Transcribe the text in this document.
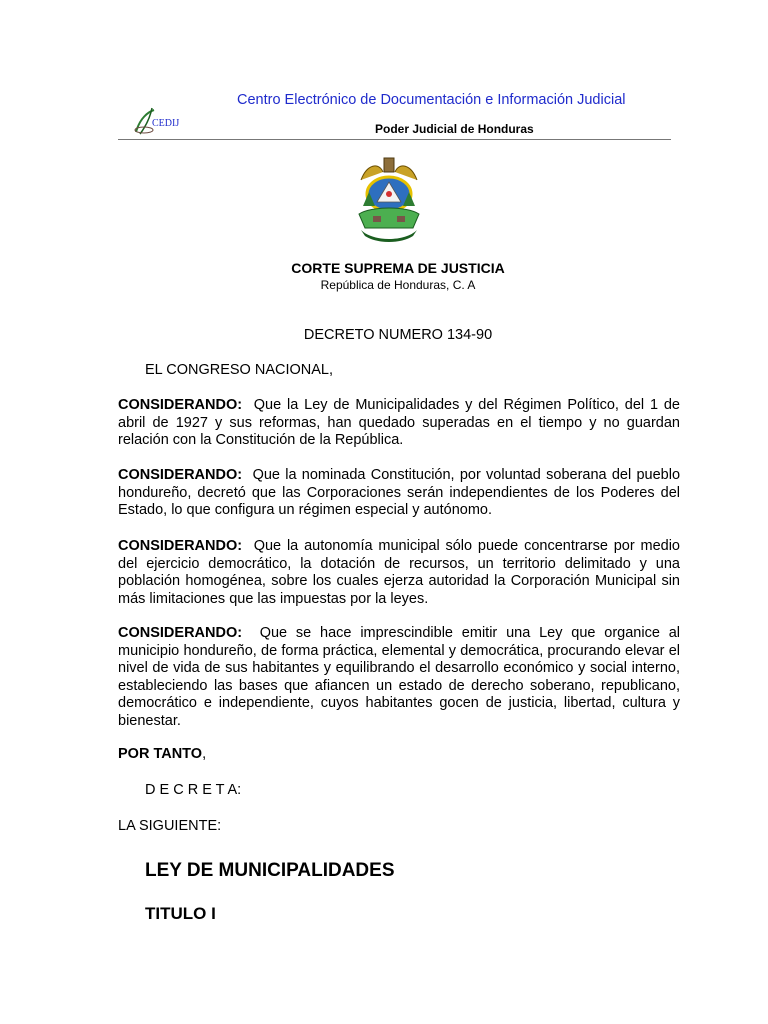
CEDIJ
Centro Electrónico de Documentación e Información Judicial
Poder Judicial de Honduras
CORTE SUPREMA DE JUSTICIA
República de Honduras, C. A
DECRETO NUMERO 134-90
EL CONGRESO NACIONAL,
CONSIDERANDO: Que la Ley de Municipalidades y del Régimen Político, del 1 de abril de 1927 y sus reformas, han quedado superadas en el tiempo y no guardan relación con la Constitución de la República.
CONSIDERANDO: Que la nominada Constitución, por voluntad soberana del pueblo hondureño, decretó que las Corporaciones serán independientes de los Poderes del Estado, lo que configura un régimen especial y autónomo.
CONSIDERANDO: Que la autonomía municipal sólo puede concentrarse por medio del ejercicio democrático, la dotación de recursos, un territorio delimitado y una población homogénea, sobre los cuales ejerza autoridad la Corporación Municipal sin más limitaciones que las impuestas por la leyes.
CONSIDERANDO: Que se hace imprescindible emitir una Ley que organice al municipio hondureño, de forma práctica, elemental y democrática, procurando elevar el nivel de vida de sus habitantes y equilibrando el desarrollo económico y social interno, estableciendo las bases que afiancen un estado de derecho soberano, republicano, democrático e independiente, cuyos habitantes gocen de justicia, libertad, cultura y bienestar.
POR TANTO,
D E C R E T A:
LA SIGUIENTE:
LEY DE MUNICIPALIDADES
TITULO I
